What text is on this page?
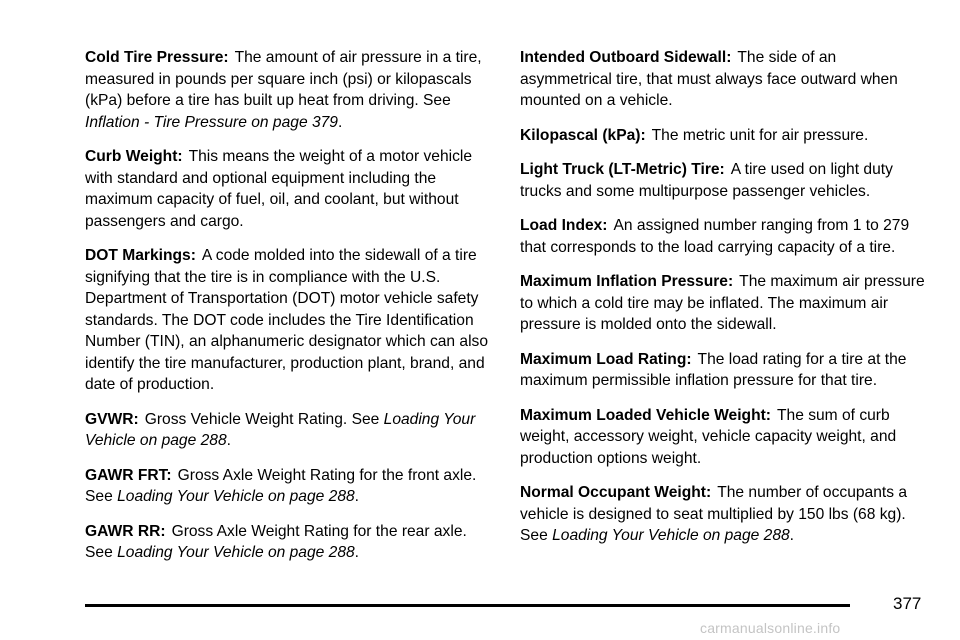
Cold Tire Pressure: The amount of air pressure in a tire, measured in pounds per square inch (psi) or kilopascals (kPa) before a tire has built up heat from driving. See Inflation - Tire Pressure on page 379.

Curb Weight: This means the weight of a motor vehicle with standard and optional equipment including the maximum capacity of fuel, oil, and coolant, but without passengers and cargo.

DOT Markings: A code molded into the sidewall of a tire signifying that the tire is in compliance with the U.S. Department of Transportation (DOT) motor vehicle safety standards. The DOT code includes the Tire Identification Number (TIN), an alphanumeric designator which can also identify the tire manufacturer, production plant, brand, and date of production.

GVWR: Gross Vehicle Weight Rating. See Loading Your Vehicle on page 288.

GAWR FRT: Gross Axle Weight Rating for the front axle. See Loading Your Vehicle on page 288.

GAWR RR: Gross Axle Weight Rating for the rear axle. See Loading Your Vehicle on page 288.

Intended Outboard Sidewall: The side of an asymmetrical tire, that must always face outward when mounted on a vehicle.

Kilopascal (kPa): The metric unit for air pressure.

Light Truck (LT-Metric) Tire: A tire used on light duty trucks and some multipurpose passenger vehicles.

Load Index: An assigned number ranging from 1 to 279 that corresponds to the load carrying capacity of a tire.

Maximum Inflation Pressure: The maximum air pressure to which a cold tire may be inflated. The maximum air pressure is molded onto the sidewall.

Maximum Load Rating: The load rating for a tire at the maximum permissible inflation pressure for that tire.

Maximum Loaded Vehicle Weight: The sum of curb weight, accessory weight, vehicle capacity weight, and production options weight.

Normal Occupant Weight: The number of occupants a vehicle is designed to seat multiplied by 150 lbs (68 kg). See Loading Your Vehicle on page 288.

377
carmanualsonline.info
